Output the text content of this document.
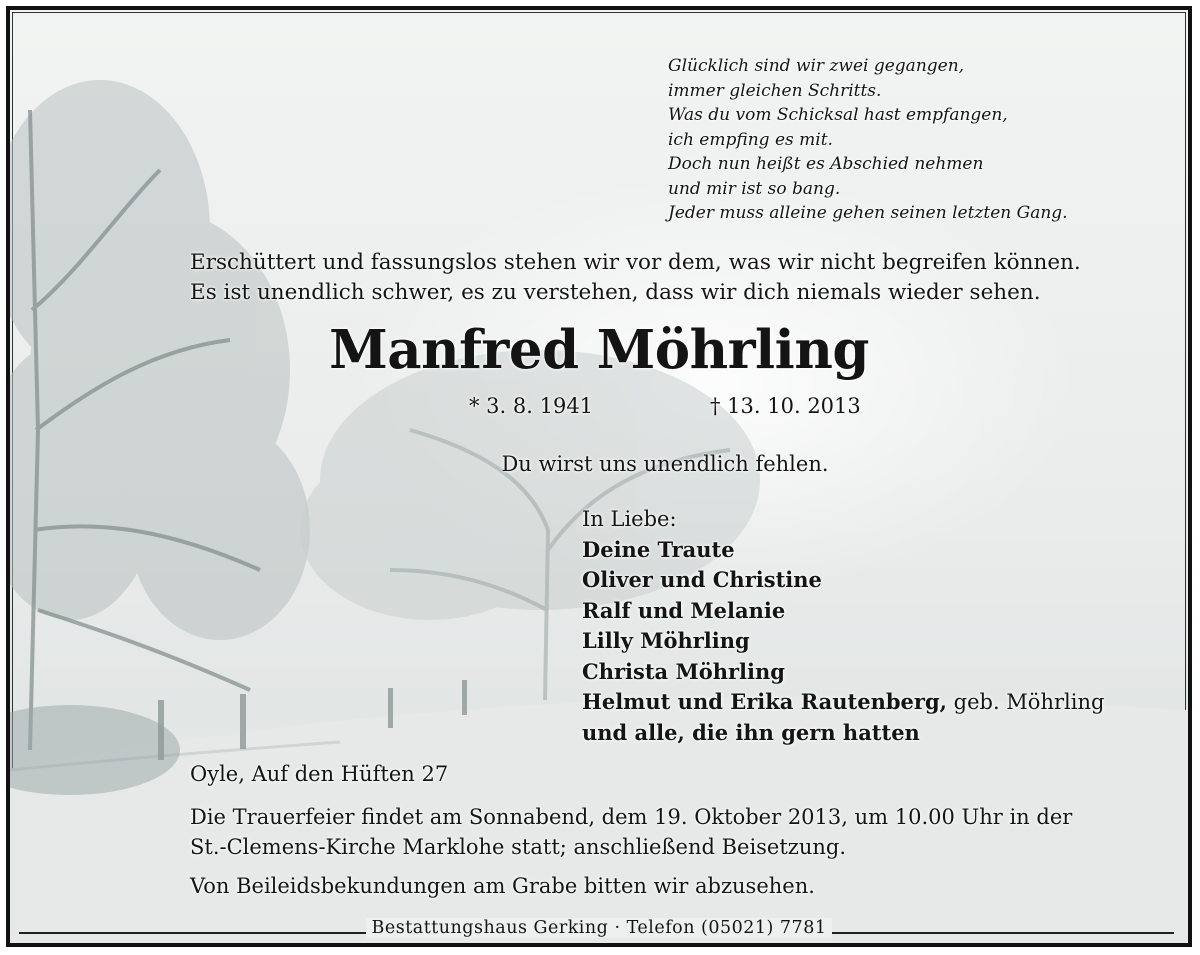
Glücklich sind wir zwei gegangen,
immer gleichen Schritts.
Was du vom Schicksal hast empfangen,
ich empfing es mit.
Doch nun heißt es Abschied nehmen
und mir ist so bang.
Jeder muss alleine gehen seinen letzten Gang.
Erschüttert und fassungslos stehen wir vor dem, was wir nicht begreifen können.
Es ist unendlich schwer, es zu verstehen, dass wir dich niemals wieder sehen.
Manfred Möhrling
* 3. 8. 1941	† 13. 10. 2013
Du wirst uns unendlich fehlen.
In Liebe:
Deine Traute
Oliver und Christine
Ralf und Melanie
Lilly Möhrling
Christa Möhrling
Helmut und Erika Rautenberg, geb. Möhrling
und alle, die ihn gern hatten
Oyle, Auf den Hüften 27
Die Trauerfeier findet am Sonnabend, dem 19. Oktober 2013, um 10.00 Uhr in der
St.-Clemens-Kirche Marklohe statt; anschließend Beisetzung.
Von Beileidsbekundungen am Grabe bitten wir abzusehen.
Bestattungshaus Gerking · Telefon (05021) 7781
